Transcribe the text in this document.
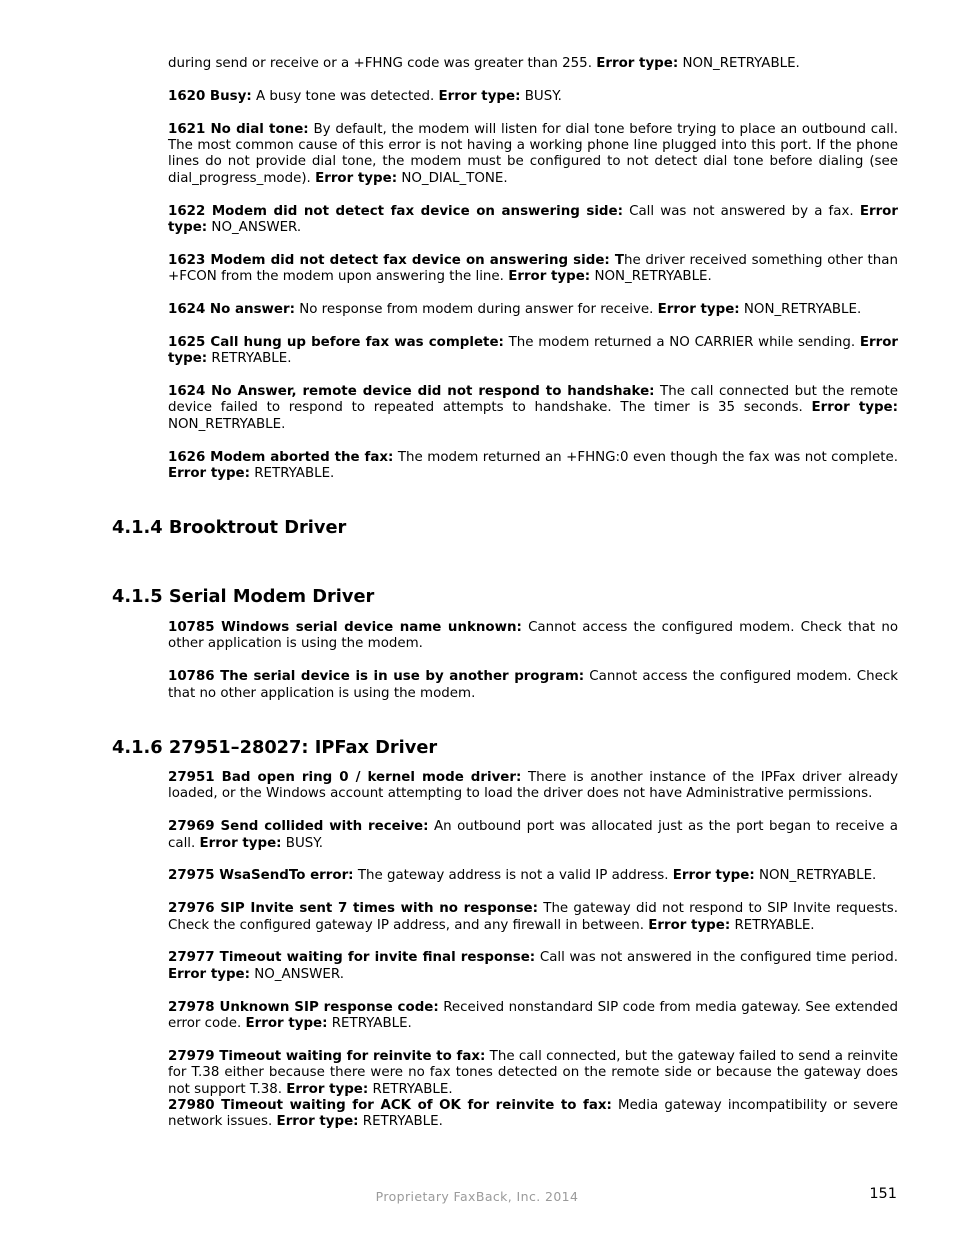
during send or receive or a +FHNG code was greater than 255. Error type: NON_RETRYABLE.

1620 Busy: A busy tone was detected. Error type: BUSY.

1621 No dial tone: By default, the modem will listen for dial tone before trying to place an outbound call. The most common cause of this error is not having a working phone line plugged into this port. If the phone lines do not provide dial tone, the modem must be configured to not detect dial tone before dialing (see dial_progress_mode). Error type: NO_DIAL_TONE.

1622 Modem did not detect fax device on answering side: Call was not answered by a fax. Error type: NO_ANSWER.

1623 Modem did not detect fax device on answering side: The driver received something other than +FCON from the modem upon answering the line. Error type: NON_RETRYABLE.

1624 No answer: No response from modem during answer for receive. Error type: NON_RETRYABLE.

1625 Call hung up before fax was complete: The modem returned a NO CARRIER while sending. Error type: RETRYABLE.

1624 No Answer, remote device did not respond to handshake: The call connected but the remote device failed to respond to repeated attempts to handshake. The timer is 35 seconds. Error type: NON_RETRYABLE.

1626 Modem aborted the fax: The modem returned an +FHNG:0 even though the fax was not complete. Error type: RETRYABLE.

4.1.4 Brooktrout Driver
4.1.5 Serial Modem Driver

10785 Windows serial device name unknown: Cannot access the configured modem. Check that no other application is using the modem.

10786 The serial device is in use by another program: Cannot access the configured modem. Check that no other application is using the modem.

4.1.6 27951–28027: IPFax Driver

27951 Bad open ring 0 / kernel mode driver: There is another instance of the IPFax driver already loaded, or the Windows account attempting to load the driver does not have Administrative permissions.

27969 Send collided with receive: An outbound port was allocated just as the port began to receive a call. Error type: BUSY.

27975 WsaSendTo error: The gateway address is not a valid IP address. Error type: NON_RETRYABLE.

27976 SIP Invite sent 7 times with no response: The gateway did not respond to SIP Invite requests. Check the configured gateway IP address, and any firewall in between. Error type: RETRYABLE.

27977 Timeout waiting for invite final response: Call was not answered in the configured time period. Error type: NO_ANSWER.

27978 Unknown SIP response code: Received nonstandard SIP code from media gateway. See extended error code. Error type: RETRYABLE.

27979 Timeout waiting for reinvite to fax: The call connected, but the gateway failed to send a reinvite for T.38 either because there were no fax tones detected on the remote side or because the gateway does not support T.38. Error type: RETRYABLE.

27980 Timeout waiting for ACK of OK for reinvite to fax: Media gateway incompatibility or severe network issues. Error type: RETRYABLE.

Proprietary FaxBack, Inc. 2014	151
